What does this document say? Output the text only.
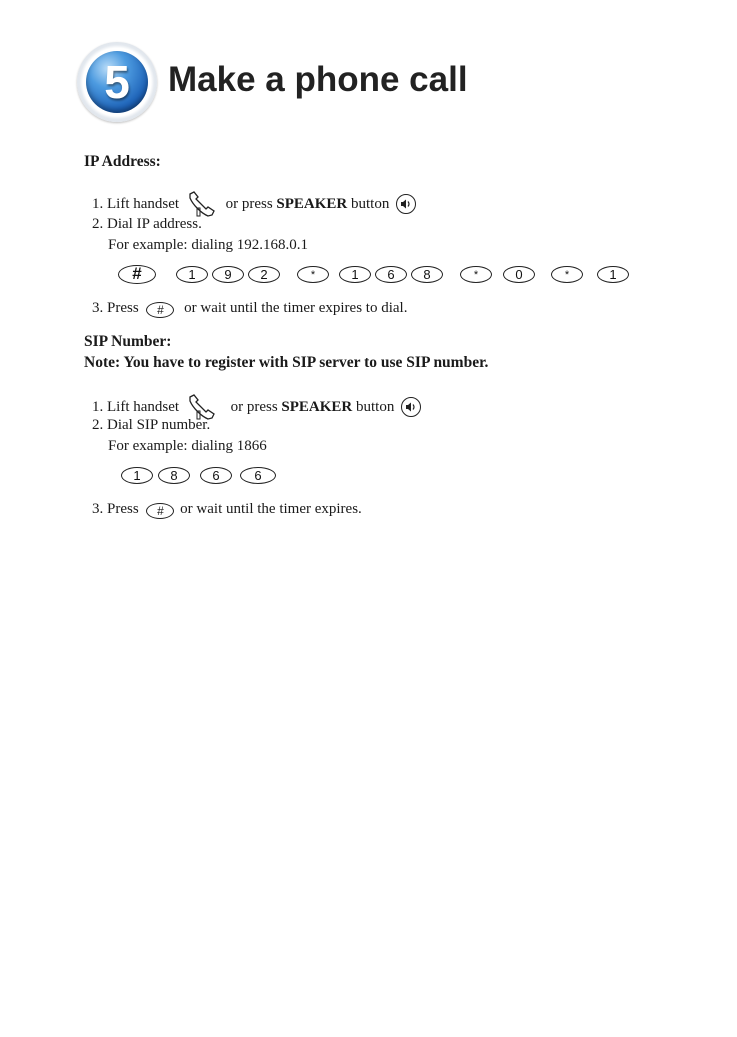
5	Make a phone call
IP Address:
1. Lift handset	or press SPEAKER button
2. Dial IP address.
For example: dialing 192.168.0.1
#	1	9	2	*	1	6	8	*	0	*	1
3. Press # or wait until the timer expires to dial.
SIP Number:
Note: You have to register with SIP server to use SIP number.
1. Lift handset	or press SPEAKER button
2. Dial SIP number.
For example: dialing 1866
1	8	6	6
3. Press # or wait until the timer expires.
